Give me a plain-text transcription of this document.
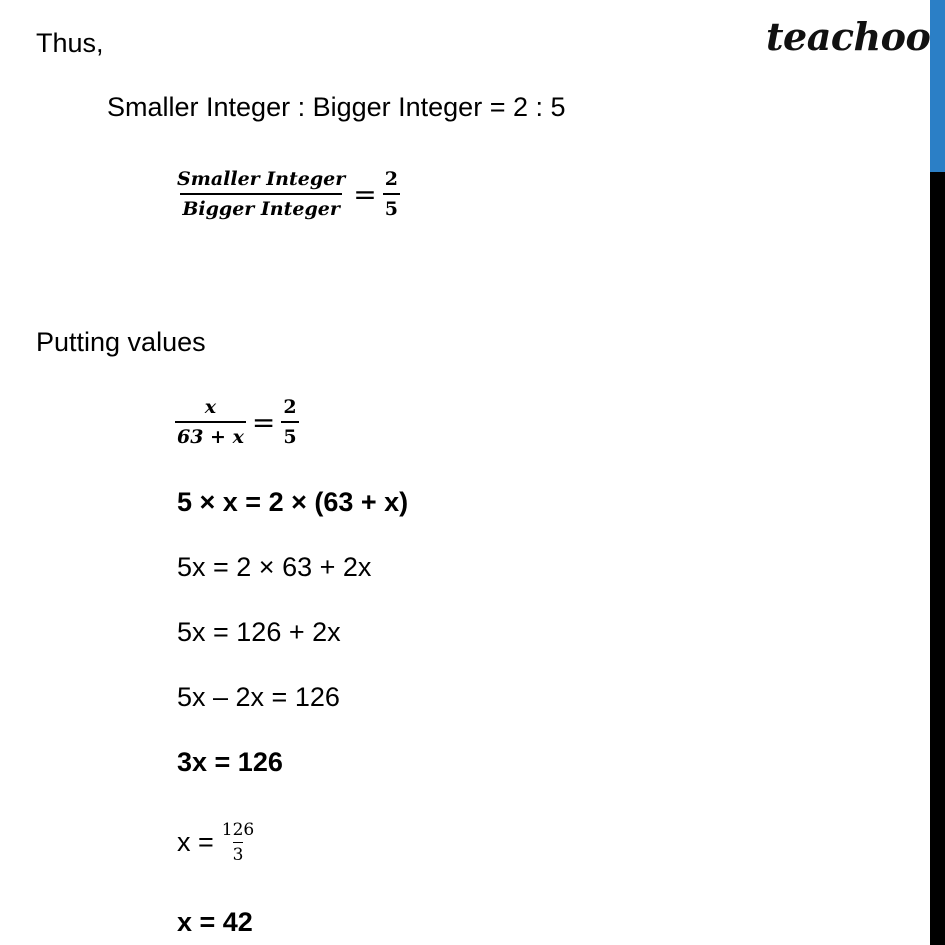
teachoo
Thus,
Smaller Integer : Bigger Integer = 2 : 5
$\frac{\text{Smaller Integer}}{\text{Bigger Integer}} = \frac{2}{5}$
Putting values
$\frac{x}{63 + x} = \frac{2}{5}$
5 × x = 2 × (63 + x)
5x = 2 × 63 + 2x
5x = 126 + 2x
5x – 2x = 126
3x = 126
$x = \frac{126}{3}$
x = 42
